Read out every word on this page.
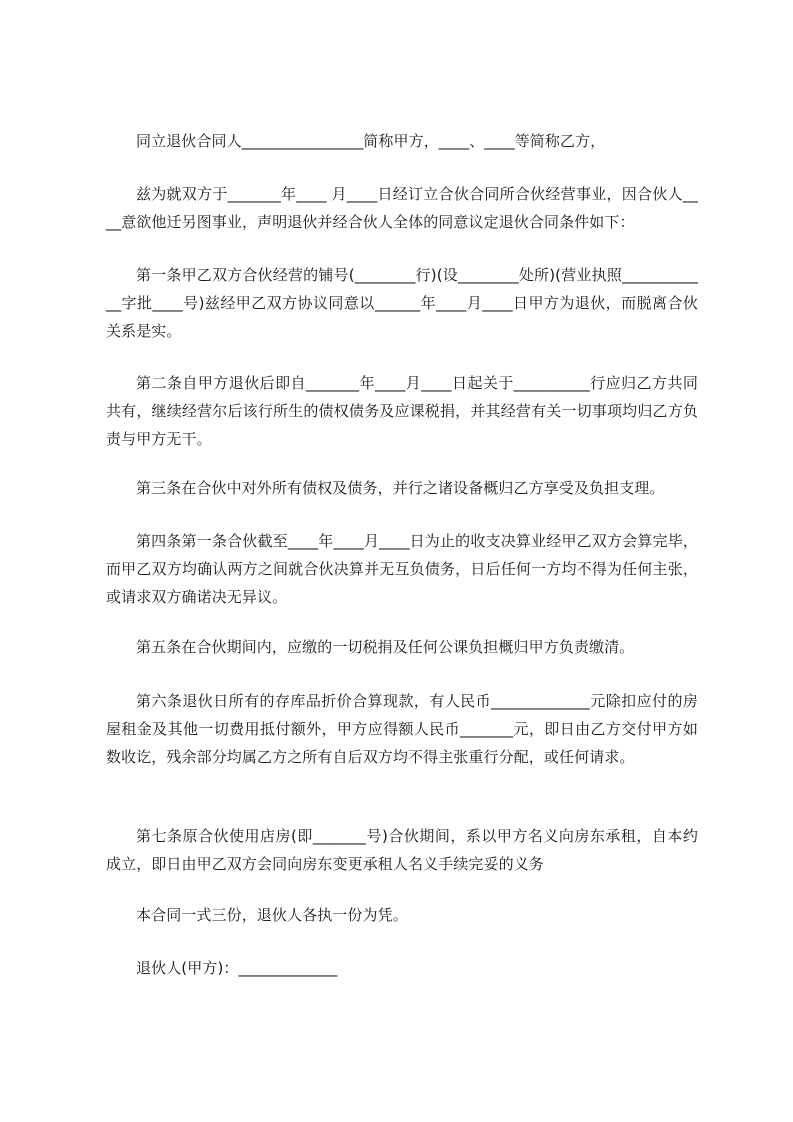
同立退伙合同人________________简称甲方，____、____等简称乙方，

兹为就双方于_______年____ 月____日经订立合伙合同所合伙经营事业，因合伙人____意欲他迁另图事业，声明退伙并经合伙人全体的同意议定退伙合同条件如下：

第一条甲乙双方合伙经营的铺号(________行)(设________处所)(营业执照____________字批____号)兹经甲乙双方协议同意以______年____月____日甲方为退伙，而脱离合伙关系是实。

第二条自甲方退伙后即自_______年____月____日起关于__________行应归乙方共同共有，继续经营尔后该行所生的债权债务及应课税捐，并其经营有关一切事项均归乙方负责与甲方无干。

第三条在合伙中对外所有债权及债务，并行之诸设备概归乙方享受及负担支理。

第四条第一条合伙截至____年____月____日为止的收支决算业经甲乙双方会算完毕，而甲乙双方均确认两方之间就合伙决算并无互负债务，日后任何一方均不得为任何主张，或请求双方确诺决无异议。

第五条在合伙期间内，应缴的一切税捐及任何公课负担概归甲方负责缴清。

第六条退伙日所有的存库品折价合算现款，有人民币_____________元除扣应付的房屋租金及其他一切费用抵付额外，甲方应得额人民币_______元，即日由乙方交付甲方如数收讫，残余部分均属乙方之所有自后双方均不得主张重行分配，或任何请求。

第七条原合伙使用店房(即_______号)合伙期间，系以甲方名义向房东承租，自本约成立，即日由甲乙双方会同向房东变更承租人名义手续完妥的义务

本合同一式三份，退伙人各执一份为凭。

退伙人(甲方)：_____________
